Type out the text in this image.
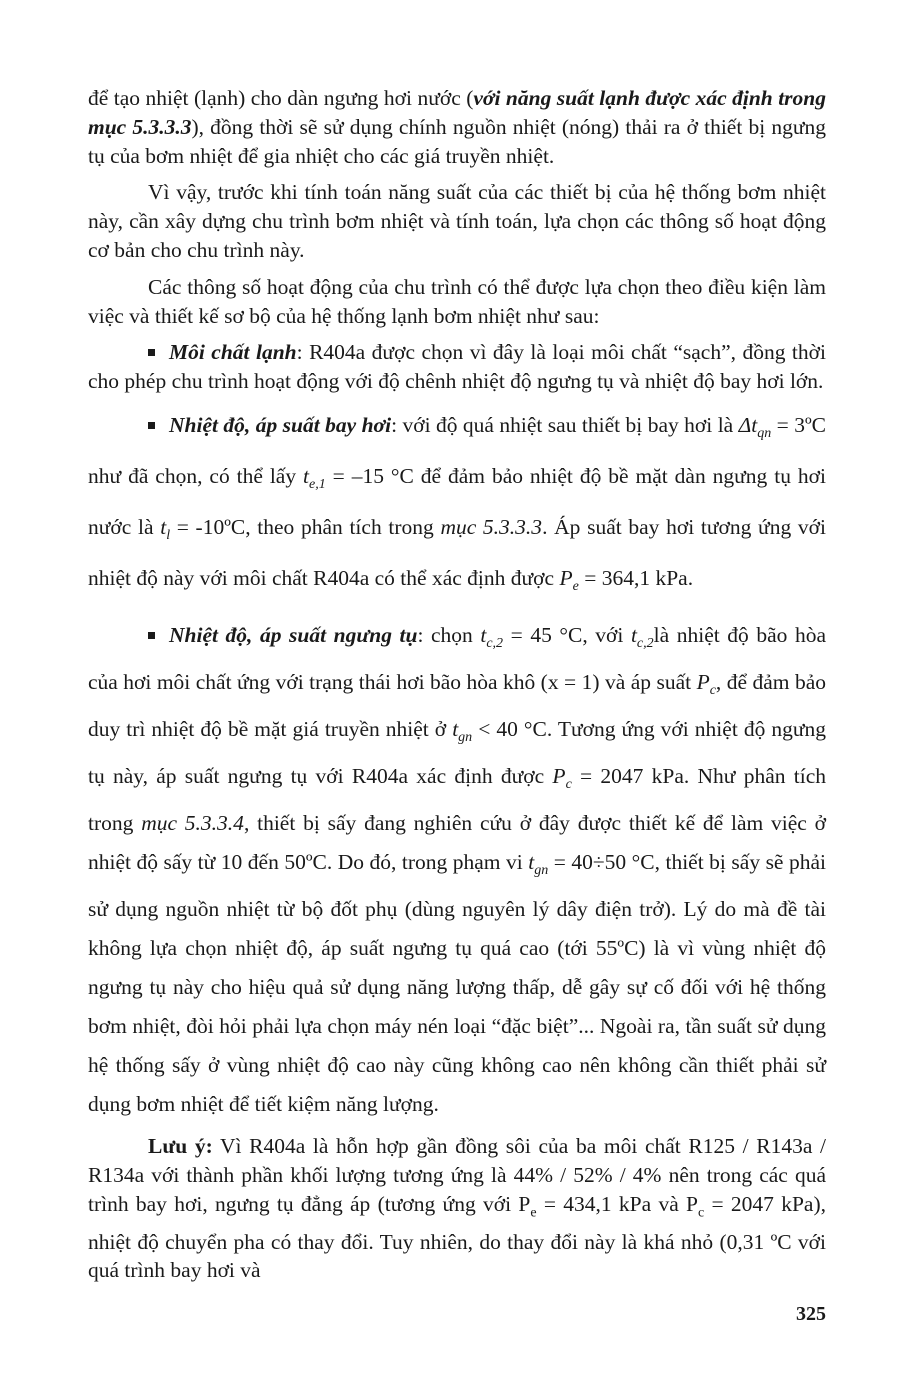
để tạo nhiệt (lạnh) cho dàn ngưng hơi nước (với năng suất lạnh được xác định trong mục 5.3.3.3), đồng thời sẽ sử dụng chính nguồn nhiệt (nóng) thải ra ở thiết bị ngưng tụ của bơm nhiệt để gia nhiệt cho các giá truyền nhiệt.

Vì vậy, trước khi tính toán năng suất của các thiết bị của hệ thống bơm nhiệt này, cần xây dựng chu trình bơm nhiệt và tính toán, lựa chọn các thông số hoạt động cơ bản cho chu trình này.

Các thông số hoạt động của chu trình có thể được lựa chọn theo điều kiện làm việc và thiết kế sơ bộ của hệ thống lạnh bơm nhiệt như sau:

Môi chất lạnh: R404a được chọn vì đây là loại môi chất “sạch”, đồng thời cho phép chu trình hoạt động với độ chênh nhiệt độ ngưng tụ và nhiệt độ bay hơi lớn.

Nhiệt độ, áp suất bay hơi: với độ quá nhiệt sau thiết bị bay hơi là $\Delta t_{qn}$ = 3ºC như đã chọn, có thể lấy $t_{e,1} = -15$ °C để đảm bảo nhiệt độ bề mặt dàn ngưng tụ hơi nước là $t_l$ = -10ºC, theo phân tích trong mục 5.3.3.3. Áp suất bay hơi tương ứng với nhiệt độ này với môi chất R404a có thể xác định được $P_e = 364,1$ kPa.

Nhiệt độ, áp suất ngưng tụ: chọn $t_{c,2} = 45$ °C, với $t_{c,2}là$ nhiệt độ bão hòa của hơi môi chất ứng với trạng thái hơi bão hòa khô (x = 1) và áp suất $P_c$, để đảm bảo duy trì nhiệt độ bề mặt giá truyền nhiệt ở $t_{gn} < 40$ °C. Tương ứng với nhiệt độ ngưng tụ này, áp suất ngưng tụ với R404a xác định được $P_c = 2047$ kPa. Như phân tích trong mục 5.3.3.4, thiết bị sấy đang nghiên cứu ở đây được thiết kế để làm việc ở nhiệt độ sấy từ 10 đến 50ºC. Do đó, trong phạm vi $t_{gn} = 40\div 50$ °C, thiết bị sấy sẽ phải sử dụng nguồn nhiệt từ bộ đốt phụ (dùng nguyên lý dây điện trở). Lý do mà đề tài không lựa chọn nhiệt độ, áp suất ngưng tụ quá cao (tới 55ºC) là vì vùng nhiệt độ ngưng tụ này cho hiệu quả sử dụng năng lượng thấp, dễ gây sự cố đối với hệ thống bơm nhiệt, đòi hỏi phải lựa chọn máy nén loại “đặc biệt”... Ngoài ra, tần suất sử dụng hệ thống sấy ở vùng nhiệt độ cao này cũng không cao nên không cần thiết phải sử dụng bơm nhiệt để tiết kiệm năng lượng.

Lưu ý: Vì R404a là hỗn hợp gần đồng sôi của ba môi chất R125 / R143a / R134a với thành phần khối lượng tương ứng là 44% / 52% / 4% nên trong các quá trình bay hơi, ngưng tụ đẳng áp (tương ứng với $P_e = 434,1$ kPa và $P_c = 2047$ kPa), nhiệt độ chuyển pha có thay đổi. Tuy nhiên, do thay đổi này là khá nhỏ (0,31 ºC với quá trình bay hơi và

325
